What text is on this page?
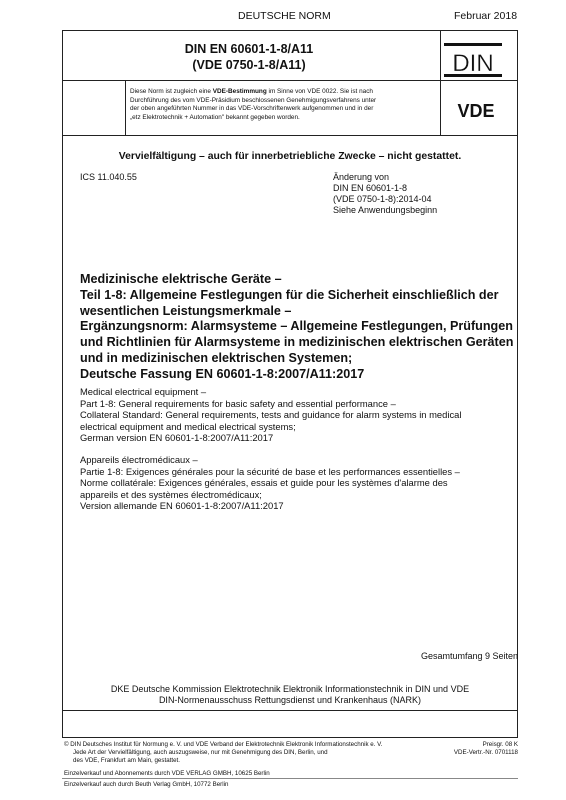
DEUTSCHE NORM	Februar 2018
DIN EN 60601-1-8/A11
(VDE 0750-1-8/A11)	DIN
VDE
Diese Norm ist zugleich eine VDE-Bestimmung im Sinne von VDE 0022. Sie ist nach
Durchführung des vom VDE-Präsidium beschlossenen Genehmigungsverfahrens unter
der oben angeführten Nummer in das VDE-Vorschriftenwerk aufgenommen und in der
„etz Elektrotechnik + Automation" bekannt gegeben worden.
Vervielfältigung – auch für innerbetriebliche Zwecke – nicht gestattet.
ICS 11.040.55	Änderung von
DIN EN 60601-1-8
(VDE 0750-1-8):2014-04
Siehe Anwendungsbeginn
Medizinische elektrische Geräte –
Teil 1-8: Allgemeine Festlegungen für die Sicherheit einschließlich der
wesentlichen Leistungsmerkmale –
Ergänzungsnorm: Alarmsysteme – Allgemeine Festlegungen, Prüfungen
und Richtlinien für Alarmsysteme in medizinischen elektrischen Geräten
und in medizinischen elektrischen Systemen;
Deutsche Fassung EN 60601-1-8:2007/A11:2017
Medical electrical equipment –
Part 1-8: General requirements for basic safety and essential performance –
Collateral Standard: General requirements, tests and guidance for alarm systems in medical
electrical equipment and medical electrical systems;
German version EN 60601-1-8:2007/A11:2017
Appareils électromédicaux –
Partie 1-8: Exigences générales pour la sécurité de base et les performances essentielles –
Norme collatérale: Exigences générales, essais et guide pour les systèmes d'alarme des
appareils et des systèmes électromédicaux;
Version allemande EN 60601-1-8:2007/A11:2017
Gesamtumfang 9 Seiten
DKE Deutsche Kommission Elektrotechnik Elektronik Informationstechnik in DIN und VDE
DIN-Normenausschuss Rettungsdienst und Krankenhaus (NARK)
© DIN Deutsches Institut für Normung e. V. und VDE Verband der Elektrotechnik Elektronik Informationstechnik e. V.
Jede Art der Vervielfältigung, auch auszugsweise, nur mit Genehmigung des DIN, Berlin, und
des VDE, Frankfurt am Main, gestattet.
Preisgr. 08 K
VDE-Vertr.-Nr. 0701118
Einzelverkauf und Abonnements durch VDE VERLAG GMBH, 10625 Berlin
Einzelverkauf auch durch Beuth Verlag GmbH, 10772 Berlin
